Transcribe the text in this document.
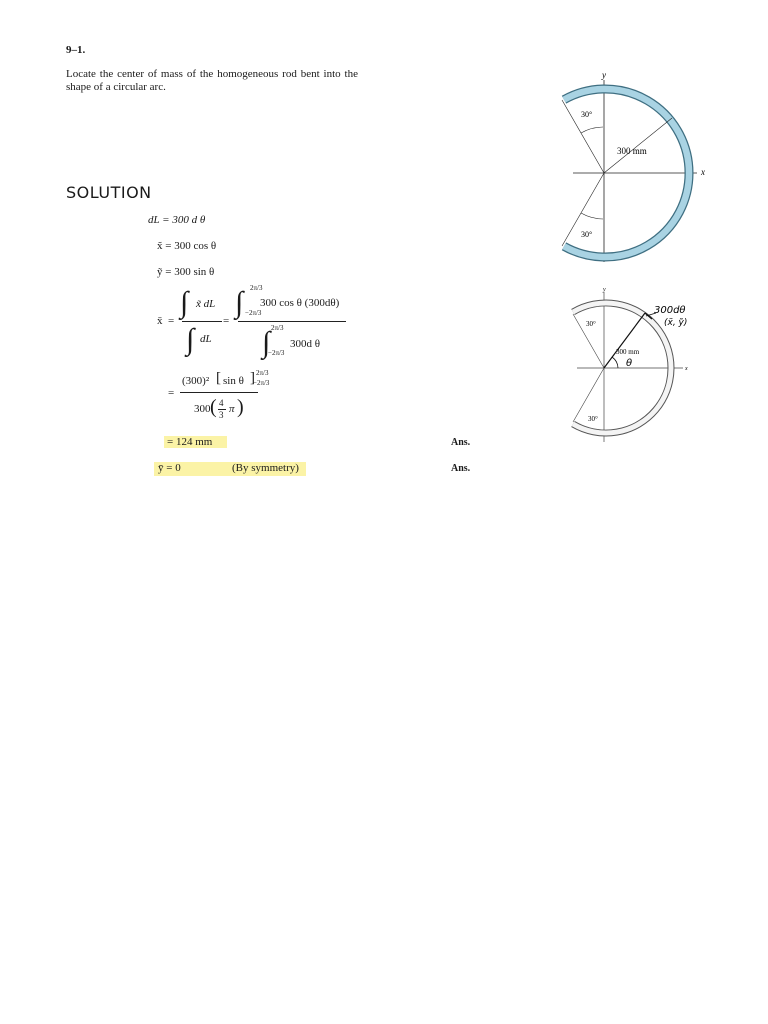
9–1.
Locate the center of mass of the homogeneous rod bent into the shape of a circular arc.
SOLUTION
dL = 300 d θ
x̃ = 300 cos θ
ỹ = 300 sin θ
x̄ =
∫ x̃ dL
∫ dL
=
∫ 2π/3
−2π/3
300 cos θ (300dθ)
∫ 2π/3
−2π/3
300d θ
=
(300)² [ sin θ ] 2π/3
−2π/3
300 ( 4
3 π )
= 124 mm	Ans.
ȳ = 0	(By symmetry)	Ans.
y
x
30°
30°
300 mm
30°
30°
300 mm
θ
300dθ
(x̃, ỹ)
x
y
